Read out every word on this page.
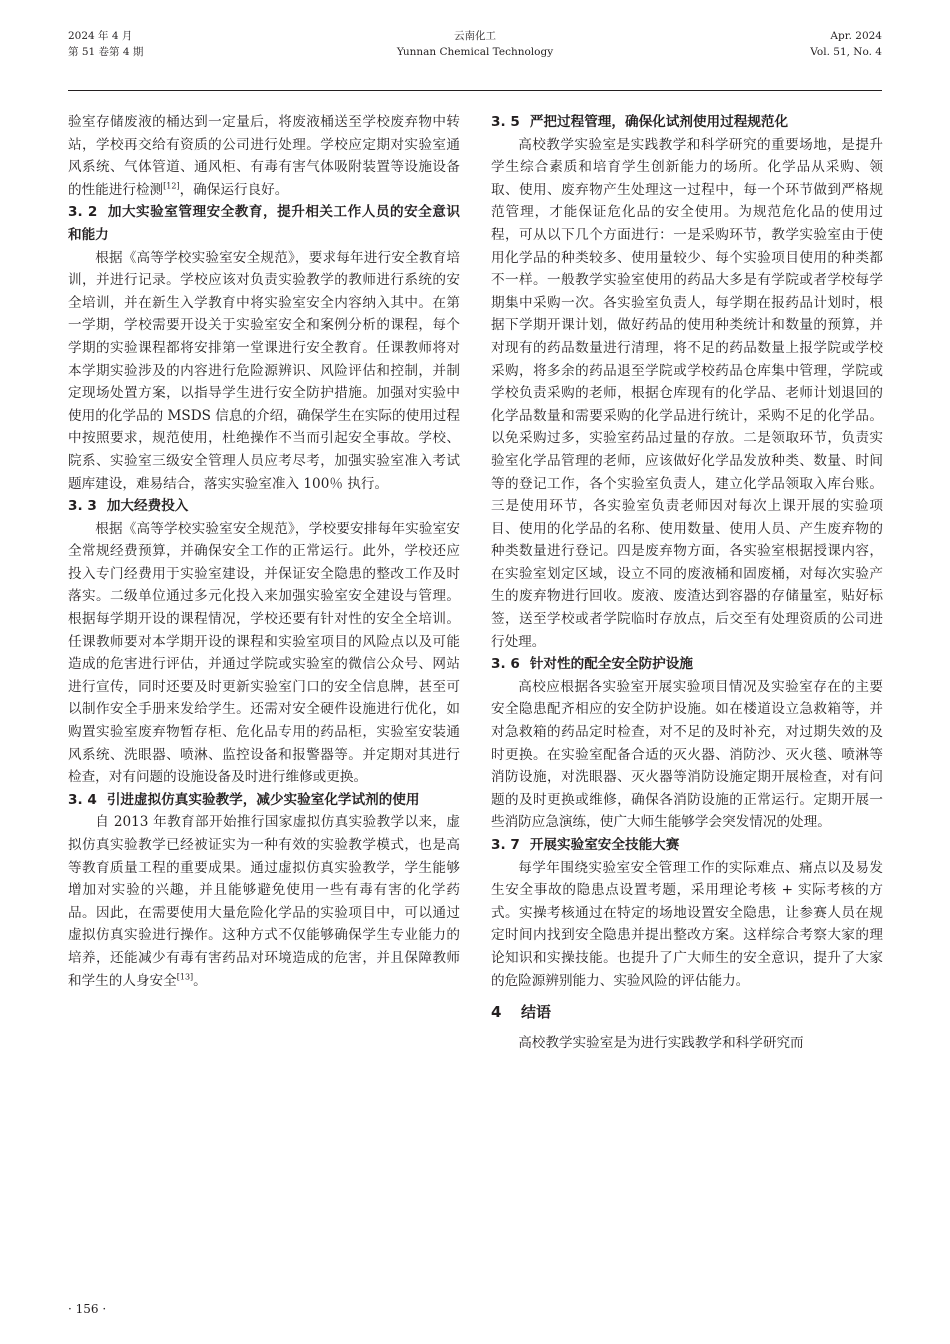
2024 年 4 月
第 51 卷第 4 期
云南化工
Yunnan Chemical Technology
Apr. 2024
Vol. 51, No. 4

验室存储废液的桶达到一定量后，将废液桶送至学校废弃物中转站，学校再交给有资质的公司进行处理。学校应定期对实验室通风系统、气体管道、通风柜、有毒有害气体吸附装置等设施设备的性能进行检测[12]，确保运行良好。

3. 2 加大实验室管理安全教育，提升相关工作人员的安全意识和能力

根据《高等学校实验室安全规范》，要求每年进行安全教育培训，并进行记录。学校应该对负责实验教学的教师进行系统的安全培训，并在新生入学教育中将实验室安全内容纳入其中。在第一学期，学校需要开设关于实验室安全和案例分析的课程，每个学期的实验课程都将安排第一堂课进行安全教育。任课教师将对本学期实验涉及的内容进行危险源辨识、风险评估和控制，并制定现场处置方案，以指导学生进行安全防护措施。加强对实验中使用的化学品的 MSDS 信息的介绍，确保学生在实际的使用过程中按照要求，规范使用，杜绝操作不当而引起安全事故。学校、院系、实验室三级安全管理人员应考尽考，加强实验室准入考试 题库建设，难易结合，落实实验室准入 100％ 执行。

3. 3 加大经费投入

根据《高等学校实验室安全规范》，学校要安排每年实验室安全常规经费预算，并确保安全工作的正常运行。此外，学校还应投入专门经费用于实验室建设，并保证安全隐患的整改工作及时落实。二级单位通过多元化投入来加强实验室安全建设与管理。根据每学期开设的课程情况，学校还要有针对性的安全全培训。任课教师要对本学期开设的课程和实验室项目的风险点以及可能造成的危害进行评估，并通过学院或实验室的微信公众号、网站进行宣传，同时还要及时更新实验室门口的安全信息牌，甚至可以制作安全手册来发给学生。还需对安全硬件设施进行优化，如购置实验室废弃物暂存柜、危化品专用的药品柜，实验室安装通风系统、洗眼器、喷淋、监控设备和报警器等。并定期对其进行检查，对有问题的设施设备及时进行维修或更换。

3. 4 引进虚拟仿真实验教学，减少实验室化学试剂的使用

自 2013 年教育部开始推行国家虚拟仿真实验教学以来，虚拟仿真实验教学已经被证实为一种有效的实验教学模式，也是高等教育质量工程的重要成果。通过虚拟仿真实验教学，学生能够增加对实验的兴趣，并且能够避免使用一些有毒有害的化学药品。因此，在需要使用大量危险化学品的实验项目中，可以通过虚拟仿真实验进行操作。这种方式不仅能够确保学生专业能力的培养，还能减少有毒有害药品对环境造成的危害，并且保障教师和学生的人身安全[13]。

3. 5 严把过程管理，确保化试剂使用过程规范化

高校教学实验室是实践教学和科学研究的重要场地，是提升学生综合素质和培育学生创新能力的场所。化学品从采购、领取、使用、废弃物产生处理这一过程中，每一个环节做到严格规范管理，才能保证危化品的安全使用。为规范危化品的使用过程，可从以下几个方面进行：一是采购环节，教学实验室由于使用化学品的种类较多、使用量较少、每个实验项目使用的种类都不一样。一般教学实验室使用的药品大多是有学院或者学校每学期集中采购一次。各实验室负责人，每学期在报药品计划时，根据下学期开课计划，做好药品的使用种类统计和数量的预算，并对现有的药品数量进行清理，将不足的药品数量上报学院或学校采购，将多余的药品退至学院或学校药品仓库集中管理，学院或学校负责采购的老师，根据仓库现有的化学品、老师计划退回的化学品数量和需要采购的化学品进行统计，采购不足的化学品。以免采购过多，实验室药品过量的存放。二是领取环节，负责实验室化学品管理的老师，应该做好化学品发放种类、数量、时间等的登记工作，各个实验室负责人，建立化学品领取入库台账。三是使用环节，各实验室负责老师因对每次上课开展的实验项目、使用的化学品的名称、使用数量、使用人员、产生废弃物的种类数量进行登记。四是废弃物方面，各实验室根据授课内容，在实验室划定区域，设立不同的废液桶和固废桶，对每次实验产生的废弃物进行回收。废液、废渣达到容器的存储量室，贴好标签，送至学校或者学院临时存放点，后交至有处理资质的公司进行处理。

3. 6 针对性的配全安全防护设施

高校应根据各实验室开展实验项目情况及实验室存在的主要安全隐患配齐相应的安全防护设施。如在楼道设立急救箱等，并对急救箱的药品定时检查，对不足的及时补充，对过期失效的及时更换。在实验室配备合适的灭火器、消防沙、灭火毯、喷淋等消防设施，对洗眼器、灭火器等消防设施定期开展检查，对有问题的及时更换或维修，确保各消防设施的正常运行。定期开展一些消防应急演练，使广大师生能够学会突发情况的处理。

3. 7 开展实验室安全技能大赛

每学年围绕实验室安全管理工作的实际难点、痛点以及易发生安全事故的隐患点设置考题，采用理论考核 + 实际考核的方式。实操考核通过在特定的场地设置安全隐患，让参赛人员在规定时间内找到安全隐患并提出整改方案。这样综合考察大家的理论知识和实操技能。也提升了广大师生的安全意识，提升了大家的危险源辨别能力、实验风险的评估能力。

4 结语

高校教学实验室是为进行实践教学和科学研究而

· 156 ·
